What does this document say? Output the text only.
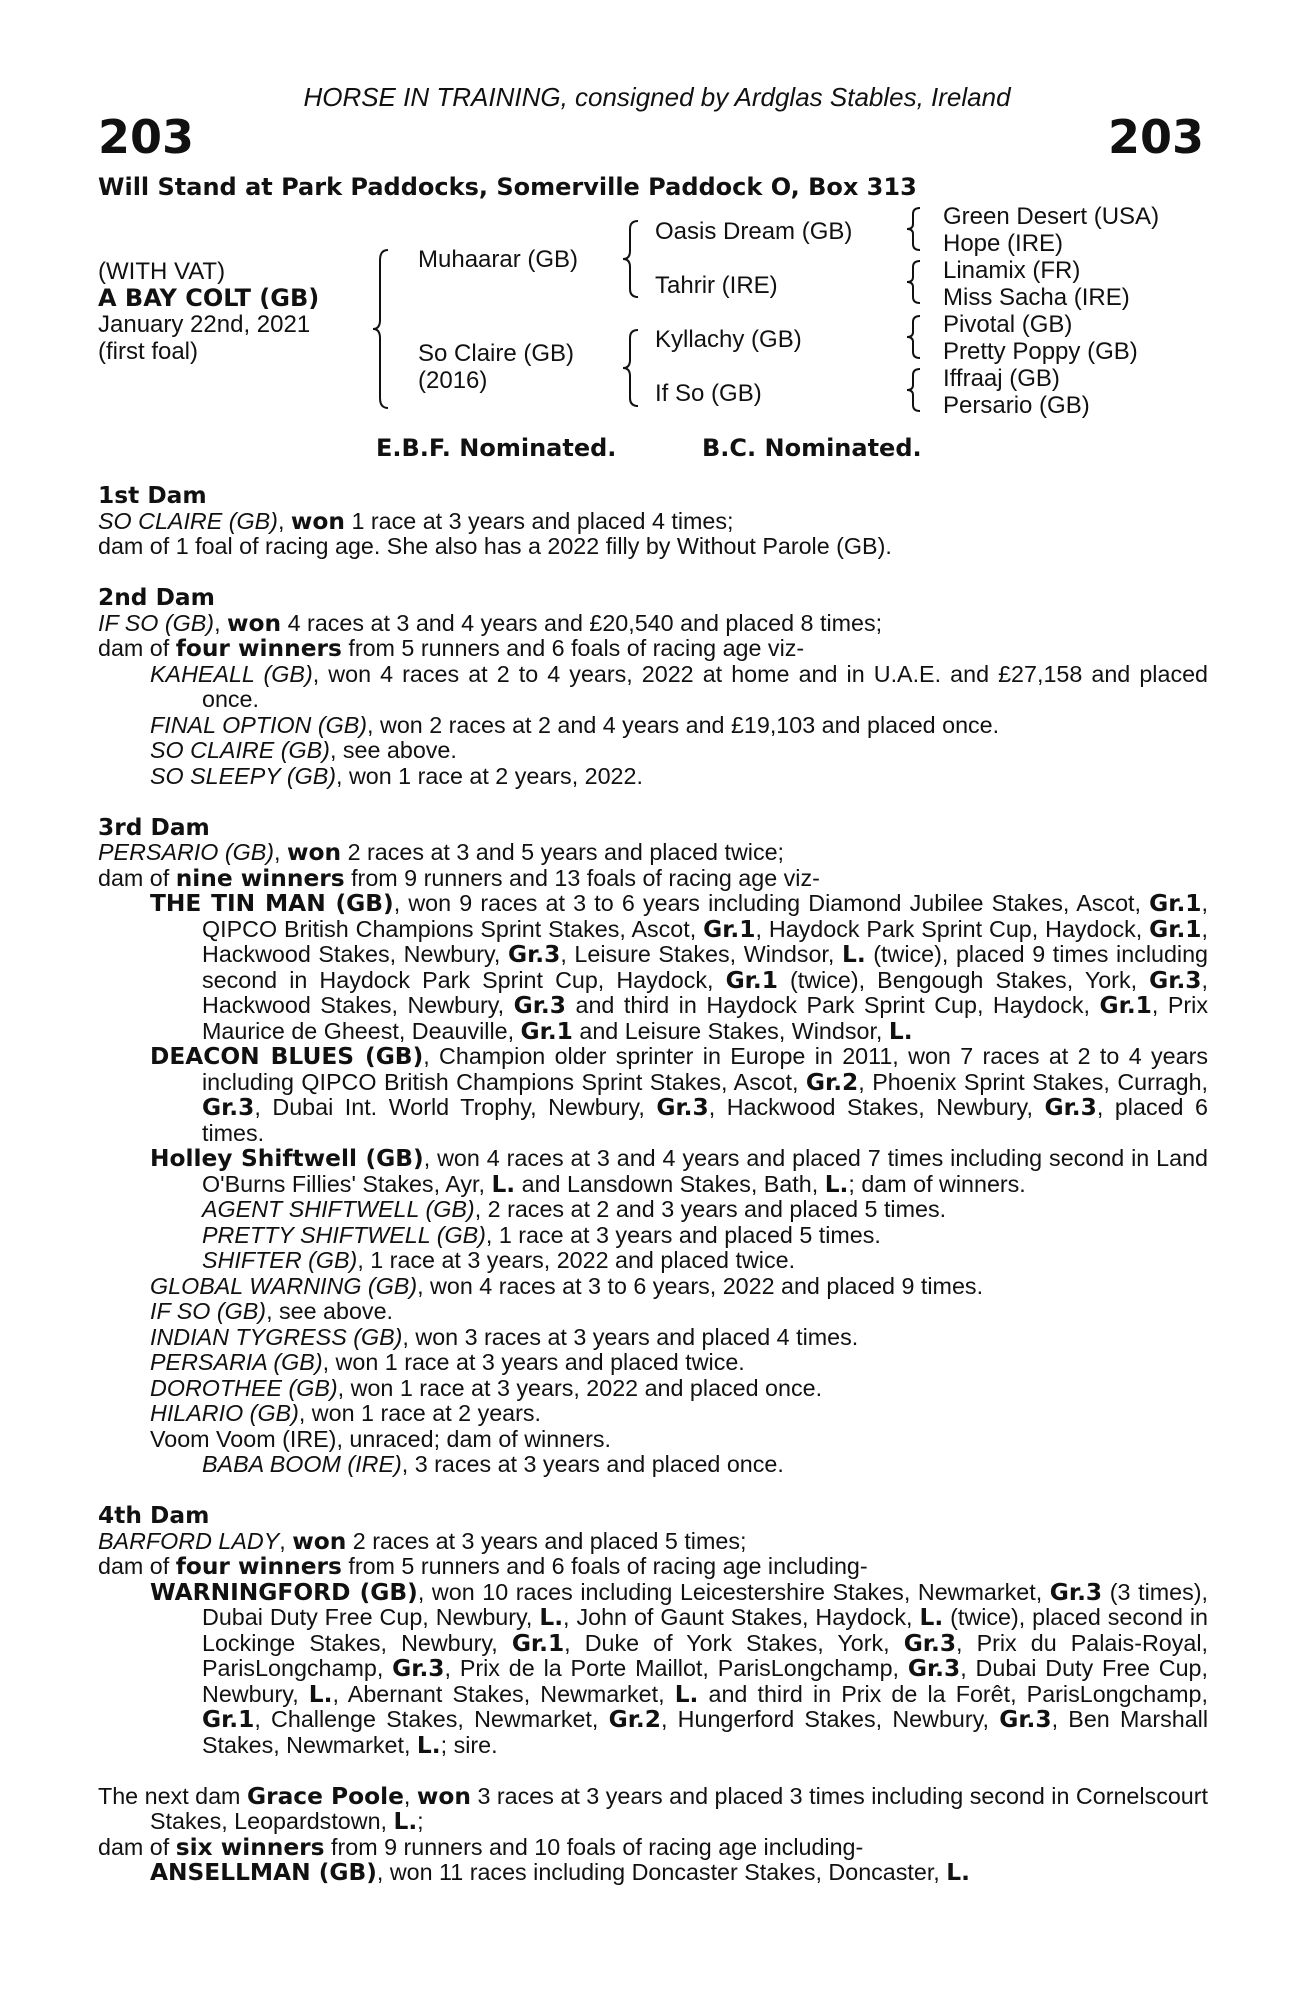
HORSE IN TRAINING, consigned by Ardglas Stables, Ireland
203	203
Will Stand at Park Paddocks, Somerville Paddock O, Box 313
(WITH VAT)
A BAY COLT (GB)
January 22nd, 2021
(first foal)
Muhaarar (GB)
So Claire (GB)
(2016)
Oasis Dream (GB)
Tahrir (IRE)
Kyllachy (GB)
If So (GB)
Green Desert (USA)
Hope (IRE)
Linamix (FR)
Miss Sacha (IRE)
Pivotal (GB)
Pretty Poppy (GB)
Iffraaj (GB)
Persario (GB)
E.B.F. Nominated.	B.C. Nominated.
1st Dam
SO CLAIRE (GB), won 1 race at 3 years and placed 4 times;
dam of 1 foal of racing age. She also has a 2022 filly by Without Parole (GB).
2nd Dam
IF SO (GB), won 4 races at 3 and 4 years and £20,540 and placed 8 times;
dam of four winners from 5 runners and 6 foals of racing age viz-
KAHEALL (GB), won 4 races at 2 to 4 years, 2022 at home and in U.A.E. and £27,158 and placed once.
FINAL OPTION (GB), won 2 races at 2 and 4 years and £19,103 and placed once.
SO CLAIRE (GB), see above.
SO SLEEPY (GB), won 1 race at 2 years, 2022.
3rd Dam
PERSARIO (GB), won 2 races at 3 and 5 years and placed twice;
dam of nine winners from 9 runners and 13 foals of racing age viz-
THE TIN MAN (GB), won 9 races at 3 to 6 years including Diamond Jubilee Stakes, Ascot, Gr.1, QIPCO British Champions Sprint Stakes, Ascot, Gr.1, Haydock Park Sprint Cup, Haydock, Gr.1, Hackwood Stakes, Newbury, Gr.3, Leisure Stakes, Windsor, L. (twice), placed 9 times including second in Haydock Park Sprint Cup, Haydock, Gr.1 (twice), Bengough Stakes, York, Gr.3, Hackwood Stakes, Newbury, Gr.3 and third in Haydock Park Sprint Cup, Haydock, Gr.1, Prix Maurice de Gheest, Deauville, Gr.1 and Leisure Stakes, Windsor, L.
DEACON BLUES (GB), Champion older sprinter in Europe in 2011, won 7 races at 2 to 4 years including QIPCO British Champions Sprint Stakes, Ascot, Gr.2, Phoenix Sprint Stakes, Curragh, Gr.3, Dubai Int. World Trophy, Newbury, Gr.3, Hackwood Stakes, Newbury, Gr.3, placed 6 times.
Holley Shiftwell (GB), won 4 races at 3 and 4 years and placed 7 times including second in Land O'Burns Fillies' Stakes, Ayr, L. and Lansdown Stakes, Bath, L.; dam of winners.
AGENT SHIFTWELL (GB), 2 races at 2 and 3 years and placed 5 times.
PRETTY SHIFTWELL (GB), 1 race at 3 years and placed 5 times.
SHIFTER (GB), 1 race at 3 years, 2022 and placed twice.
GLOBAL WARNING (GB), won 4 races at 3 to 6 years, 2022 and placed 9 times.
IF SO (GB), see above.
INDIAN TYGRESS (GB), won 3 races at 3 years and placed 4 times.
PERSARIA (GB), won 1 race at 3 years and placed twice.
DOROTHEE (GB), won 1 race at 3 years, 2022 and placed once.
HILARIO (GB), won 1 race at 2 years.
Voom Voom (IRE), unraced; dam of winners.
BABA BOOM (IRE), 3 races at 3 years and placed once.
4th Dam
BARFORD LADY, won 2 races at 3 years and placed 5 times;
dam of four winners from 5 runners and 6 foals of racing age including-
WARNINGFORD (GB), won 10 races including Leicestershire Stakes, Newmarket, Gr.3 (3 times), Dubai Duty Free Cup, Newbury, L., John of Gaunt Stakes, Haydock, L. (twice), placed second in Lockinge Stakes, Newbury, Gr.1, Duke of York Stakes, York, Gr.3, Prix du Palais-Royal, ParisLongchamp, Gr.3, Prix de la Porte Maillot, ParisLongchamp, Gr.3, Dubai Duty Free Cup, Newbury, L., Abernant Stakes, Newmarket, L. and third in Prix de la Forêt, ParisLongchamp, Gr.1, Challenge Stakes, Newmarket, Gr.2, Hungerford Stakes, Newbury, Gr.3, Ben Marshall Stakes, Newmarket, L.; sire.
The next dam Grace Poole, won 3 races at 3 years and placed 3 times including second in Cornelscourt Stakes, Leopardstown, L.;
dam of six winners from 9 runners and 10 foals of racing age including-
ANSELLMAN (GB), won 11 races including Doncaster Stakes, Doncaster, L.
